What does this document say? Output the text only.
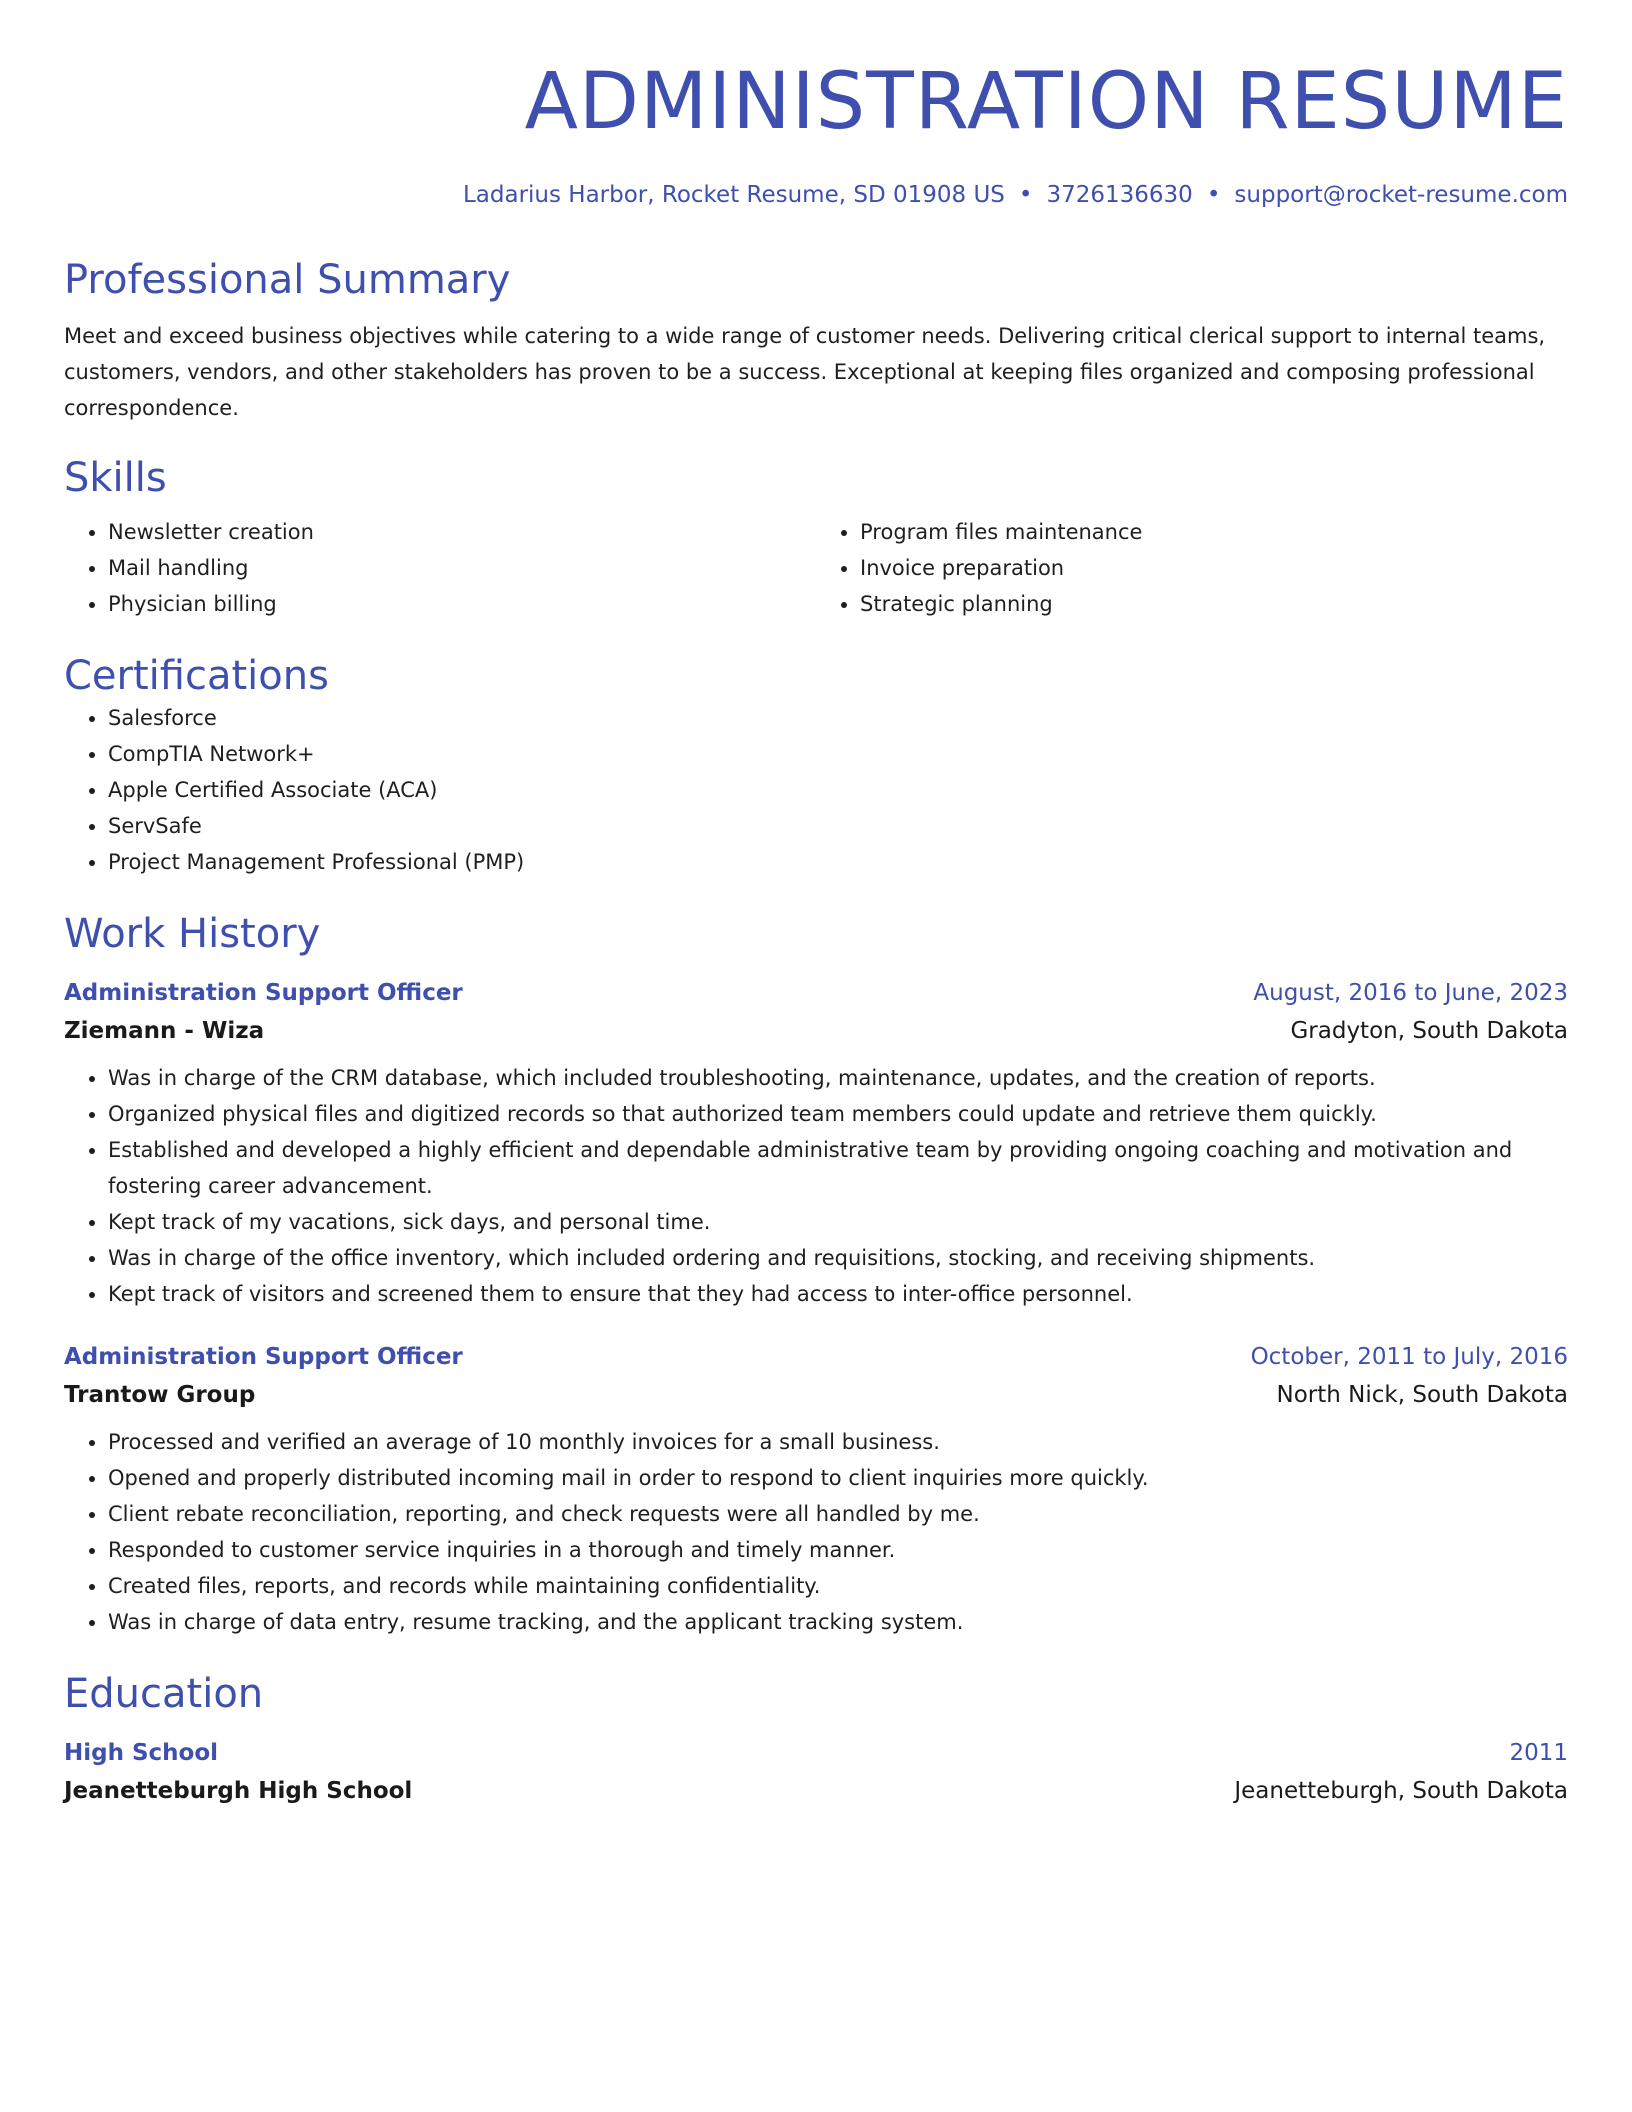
ADMINISTRATION RESUME
Ladarius Harbor, Rocket Resume, SD 01908 US • 3726136630 • support@rocket-resume.com
Professional Summary

Meet and exceed business objectives while catering to a wide range of customer needs. Delivering critical clerical support to internal teams, customers, vendors, and other stakeholders has proven to be a success. Exceptional at keeping files organized and composing professional correspondence.

Skills
• Newsletter creation
• Mail handling
• Physician billing
• Program files maintenance
• Invoice preparation
• Strategic planning
Certifications
• Salesforce
• CompTIA Network+
• Apple Certified Associate (ACA)
• ServSafe
• Project Management Professional (PMP)
Work History
Administration Support Officer	August, 2016 to June, 2023
Ziemann - Wiza	Gradyton, South Dakota
• Was in charge of the CRM database, which included troubleshooting, maintenance, updates, and the creation of reports.
• Organized physical files and digitized records so that authorized team members could update and retrieve them quickly.
• Established and developed a highly efficient and dependable administrative team by providing ongoing coaching and motivation and fostering career advancement.
• Kept track of my vacations, sick days, and personal time.
• Was in charge of the office inventory, which included ordering and requisitions, stocking, and receiving shipments.
• Kept track of visitors and screened them to ensure that they had access to inter-office personnel.
Administration Support Officer	October, 2011 to July, 2016
Trantow Group	North Nick, South Dakota
• Processed and verified an average of 10 monthly invoices for a small business.
• Opened and properly distributed incoming mail in order to respond to client inquiries more quickly.
• Client rebate reconciliation, reporting, and check requests were all handled by me.
• Responded to customer service inquiries in a thorough and timely manner.
• Created files, reports, and records while maintaining confidentiality.
• Was in charge of data entry, resume tracking, and the applicant tracking system.
Education
High School	2011
Jeanetteburgh High School	Jeanetteburgh, South Dakota
